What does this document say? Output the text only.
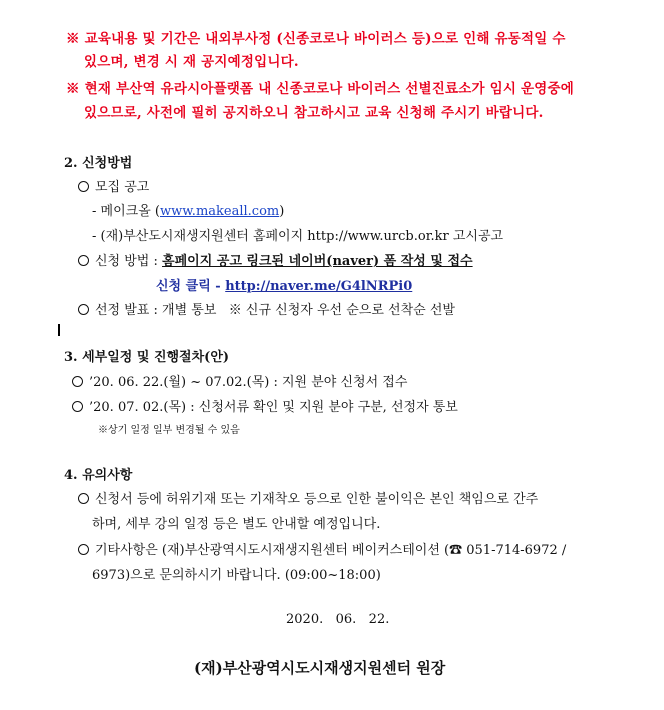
※ 교육내용 및 기간은 내외부사정 (신종코로나 바이러스 등)으로 인해 유동적일 수
있으며, 변경 시 재 공지예정입니다.
※ 현재 부산역 유라시아플랫폼 내 신종코로나 바이러스 선별진료소가 임시 운영중에
있으므로, 사전에 필히 공지하오니 참고하시고 교육 신청해 주시기 바랍니다.
2. 신청방법
모집 공고
- 메이크올 (www.makeall.com)
- (재)부산도시재생지원센터 홈페이지 http://www.urcb.or.kr 고시공고
신청 방법 : 홈페이지 공고 링크된 네이버(naver) 폼 작성 및 접수
신청 클릭 - http://naver.me/G4lNRPi0
선정 발표 : 개별 통보 ※ 신규 신청자 우선 순으로 선착순 선발
3. 세부일정 및 진행절차(안)
’20. 06. 22.(월) ~ 07.02.(목) : 지원 분야 신청서 접수
’20. 07. 02.(목) : 신청서류 확인 및 지원 분야 구분, 선정자 통보
※상기 일정 일부 변경될 수 있음
4. 유의사항
신청서 등에 허위기재 또는 기재착오 등으로 인한 불이익은 본인 책임으로 간주
하며, 세부 강의 일정 등은 별도 안내할 예정입니다.
기타사항은 (재)부산광역시도시재생지원센터 베이커스테이션 (☎ 051-714-6972 /
6973)으로 문의하시기 바랍니다. (09:00~18:00)
2020.   06.   22.
(재)부산광역시도시재생지원센터 원장
